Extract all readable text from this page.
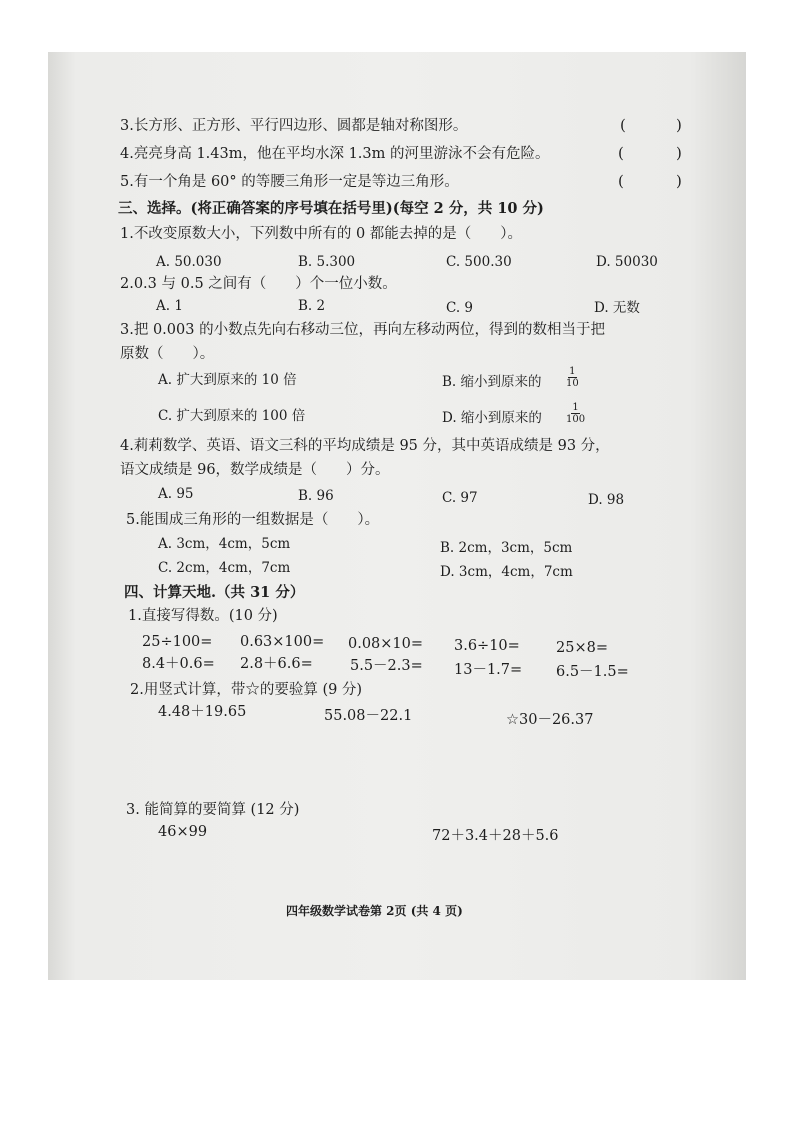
3.长方形、正方形、平行四边形、圆都是轴对称图形。	(	)
4.亮亮身高 1.43m，他在平均水深 1.3m 的河里游泳不会有危险。	(	)
5.有一个角是 60° 的等腰三角形一定是等边三角形。	(	)
三、选择。(将正确答案的序号填在括号里)(每空 2 分，共 10 分)
1.不改变原数大小，下列数中所有的 0 都能去掉的是（　　）。
A. 50.030	B. 5.300	C. 500.30	D. 50030
2.0.3 与 0.5 之间有（　　）个一位小数。
A. 1	B. 2	C. 9	D. 无数
3.把 0.003 的小数点先向右移动三位，再向左移动两位，得到的数相当于把
原数（　　）。
A. 扩大到原来的 10 倍	B. 缩小到原来的 $\frac{1}{10}$
C. 扩大到原来的 100 倍	D. 缩小到原来的 $\frac{1}{100}$
4.莉莉数学、英语、语文三科的平均成绩是 95 分，其中英语成绩是 93 分，
语文成绩是 96，数学成绩是（　　）分。
A. 95	B. 96	C. 97	D. 98
5.能围成三角形的一组数据是（　　）。
A. 3cm，4cm，5cm	B. 2cm，3cm，5cm
C. 2cm，4cm，7cm	D. 3cm，4cm，7cm
四、计算天地.（共 31 分）
1.直接写得数。(10 分)
25÷100= 0.63×100= 0.08×10= 3.6÷10= 25×8=
8.4＋0.6= 2.8＋6.6=	5.5－2.3= 13－1.7= 6.5－1.5=
2.用竖式计算，带☆的要验算 (9 分)
4.48＋19.65	55.08－22.1	☆30－26.37
3. 能简算的要简算 (12 分)
46×99	72＋3.4＋28＋5.6
四年级数学试卷第 2页 (共 4 页)
